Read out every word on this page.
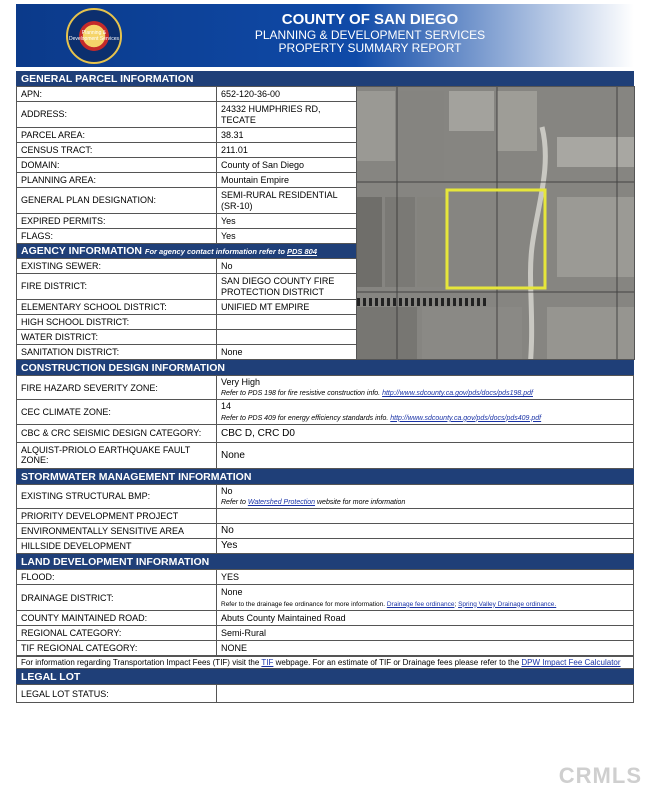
Planning & Development Services
COUNTY OF SAN DIEGO
PLANNING & DEVELOPMENT SERVICES
PROPERTY SUMMARY REPORT
GENERAL PARCEL INFORMATION
APN:	652-120-36-00	

ADDRESS:	24332 HUMPHRIES RD, TECATE	
PARCEL AREA:	38.31	
CENSUS TRACT:	211.01	
DOMAIN:	County of San Diego	
PLANNING AREA:	Mountain Empire	
GENERAL PLAN DESIGNATION:	SEMI-RURAL RESIDENTIAL (SR-10)	
EXPIRED PERMITS:	Yes	
FLAGS:	Yes	
AGENCY INFORMATION For agency contact information refer to PDS 804		
EXISTING SEWER:	No	
FIRE DISTRICT:	SAN DIEGO COUNTY FIRE PROTECTION DISTRICT	
ELEMENTARY SCHOOL DISTRICT:	UNIFIED MT EMPIRE	
HIGH SCHOOL DISTRICT:		
WATER DISTRICT:		
SANITATION DISTRICT:	None	
CONSTRUCTION DESIGN INFORMATION
FIRE HAZARD SEVERITY ZONE:	Very High
Refer to PDS 198 for fire resistive construction info. http://www.sdcounty.ca.gov/pds/docs/pds198.pdf
CEC CLIMATE ZONE:	14
Refer to PDS 409 for energy efficiency standards info. http://www.sdcounty.ca.gov/pds/docs/pds409.pdf
CBC & CRC SEISMIC DESIGN CATEGORY:	CBC D, CRC D0
ALQUIST-PRIOLO EARTHQUAKE FAULT ZONE:	None
STORMWATER MANAGEMENT INFORMATION
EXISTING STRUCTURAL BMP:	No
Refer to Watershed Protection website for more information
PRIORITY DEVELOPMENT PROJECT	
ENVIRONMENTALLY SENSITIVE AREA	No
HILLSIDE DEVELOPMENT	Yes
LAND DEVELOPMENT INFORMATION
FLOOD:	YES
DRAINAGE DISTRICT:	None
Refer to the drainage fee ordinance for more information. Drainage fee ordinance; Spring Valley Drainage ordinance.
COUNTY MAINTAINED ROAD:	Abuts County Maintained Road
REGIONAL CATEGORY:	Semi-Rural
TIF REGIONAL CATEGORY:	NONE
For information regarding Transportation Impact Fees (TIF) visit the TIF webpage. For an estimate of TIF or Drainage fees please refer to the DPW Impact Fee Calculator
LEGAL LOT
LEGAL LOT STATUS:	
CRMLS
